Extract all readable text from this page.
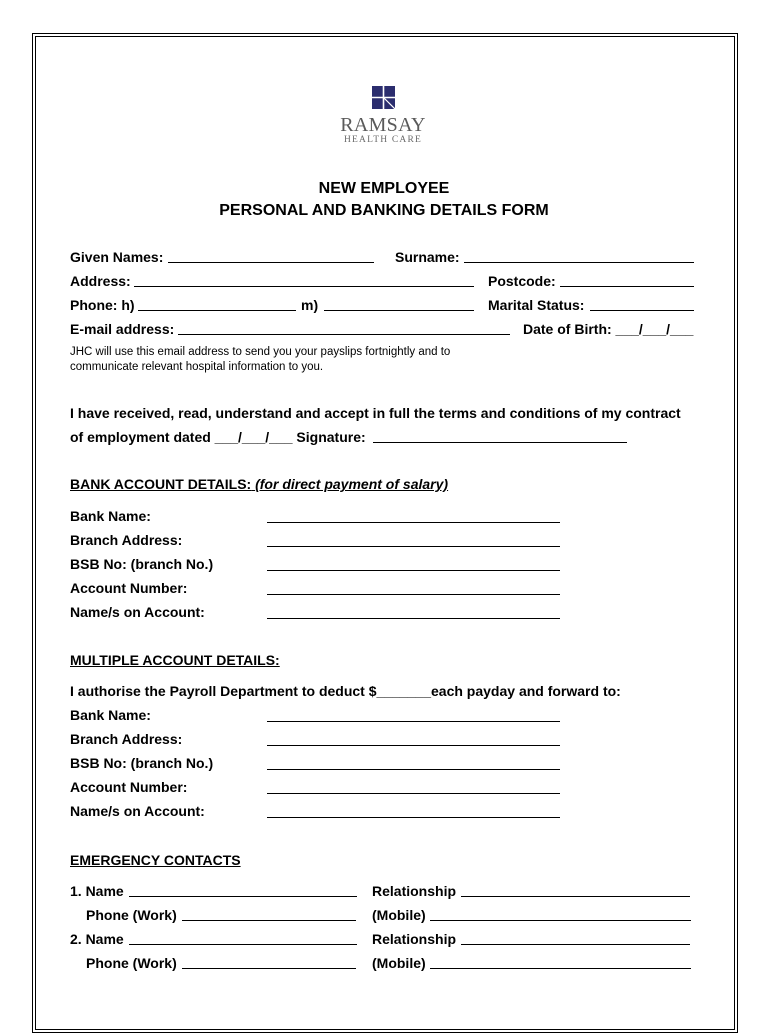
RAMSAY
HEALTH CARE
NEW EMPLOYEE
PERSONAL AND BANKING DETAILS FORM
Given Names:	Surname:
Address:	Postcode:
Phone: h)	m)	Marital Status:
E-mail address:	Date of Birth: ___/___/___
JHC will use this email address to send you your payslips fortnightly and to
communicate relevant hospital information to you.
I have received, read, understand and accept in full the terms and conditions of my contract
of employment dated ___/___/___ Signature:
BANK ACCOUNT DETAILS: (for direct payment of salary)
Bank Name:
Branch Address:
BSB No: (branch No.)
Account Number:
Name/s on Account:
MULTIPLE ACCOUNT DETAILS:
I authorise the Payroll Department to deduct $_______each payday and forward to:
Bank Name:
Branch Address:
BSB No: (branch No.)
Account Number:
Name/s on Account:
EMERGENCY CONTACTS
1. Name	Relationship
Phone (Work)	(Mobile)
2. Name	Relationship
Phone (Work)	(Mobile)
